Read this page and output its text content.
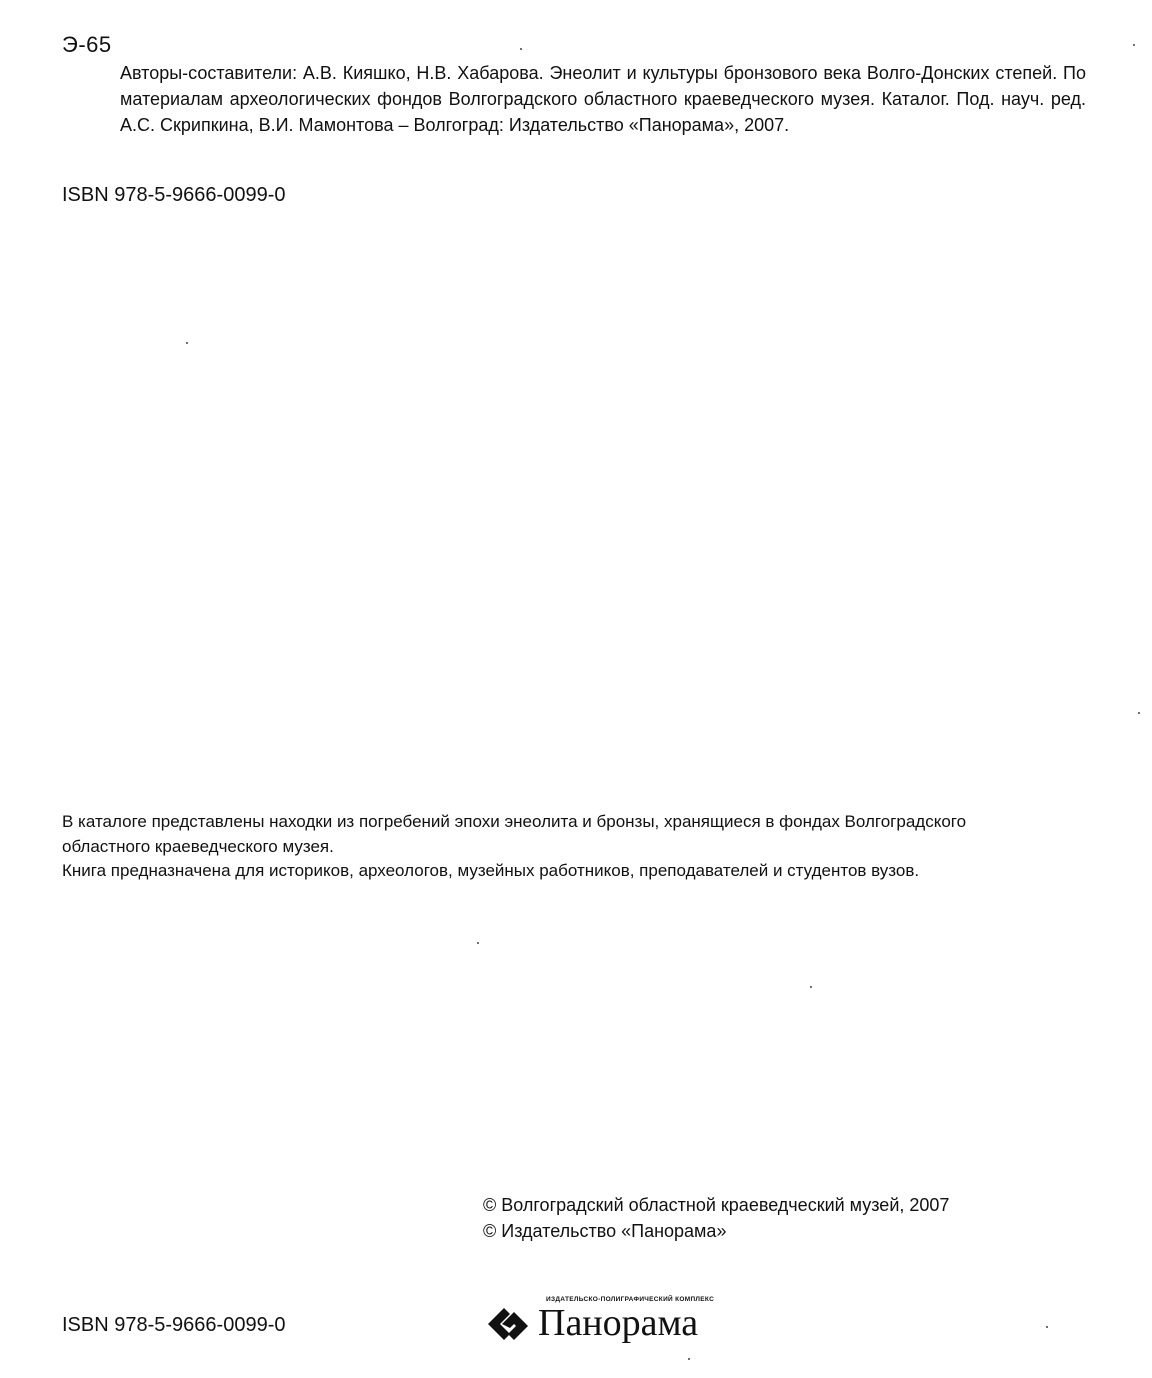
Э-65
Авторы-составители: А.В. Кияшко, Н.В. Хабарова. Энеолит и культуры бронзового века Волго-Донских степей. По материалам археологических фондов Волгоградского областного краеведческого музея. Каталог. Под. науч. ред. А.С. Скрипкина, В.И. Мамонтова – Волгоград: Издательство «Панорама», 2007.
ISBN 978-5-9666-0099-0

В каталоге представлены находки из погребений эпохи энеолита и бронзы, хранящиеся в фондах Волгоградского областного краеведческого музея.

Книга предназначена для историков, археологов, музейных работников, преподавателей и студентов вузов.

© Волгоградский областной краеведческий музей, 2007
© Издательство «Панорама»
ISBN 978-5-9666-0099-0
ИЗДАТЕЛЬСКО-ПОЛИГРАФИЧЕСКИЙ КОМПЛЕКС
Панорама
